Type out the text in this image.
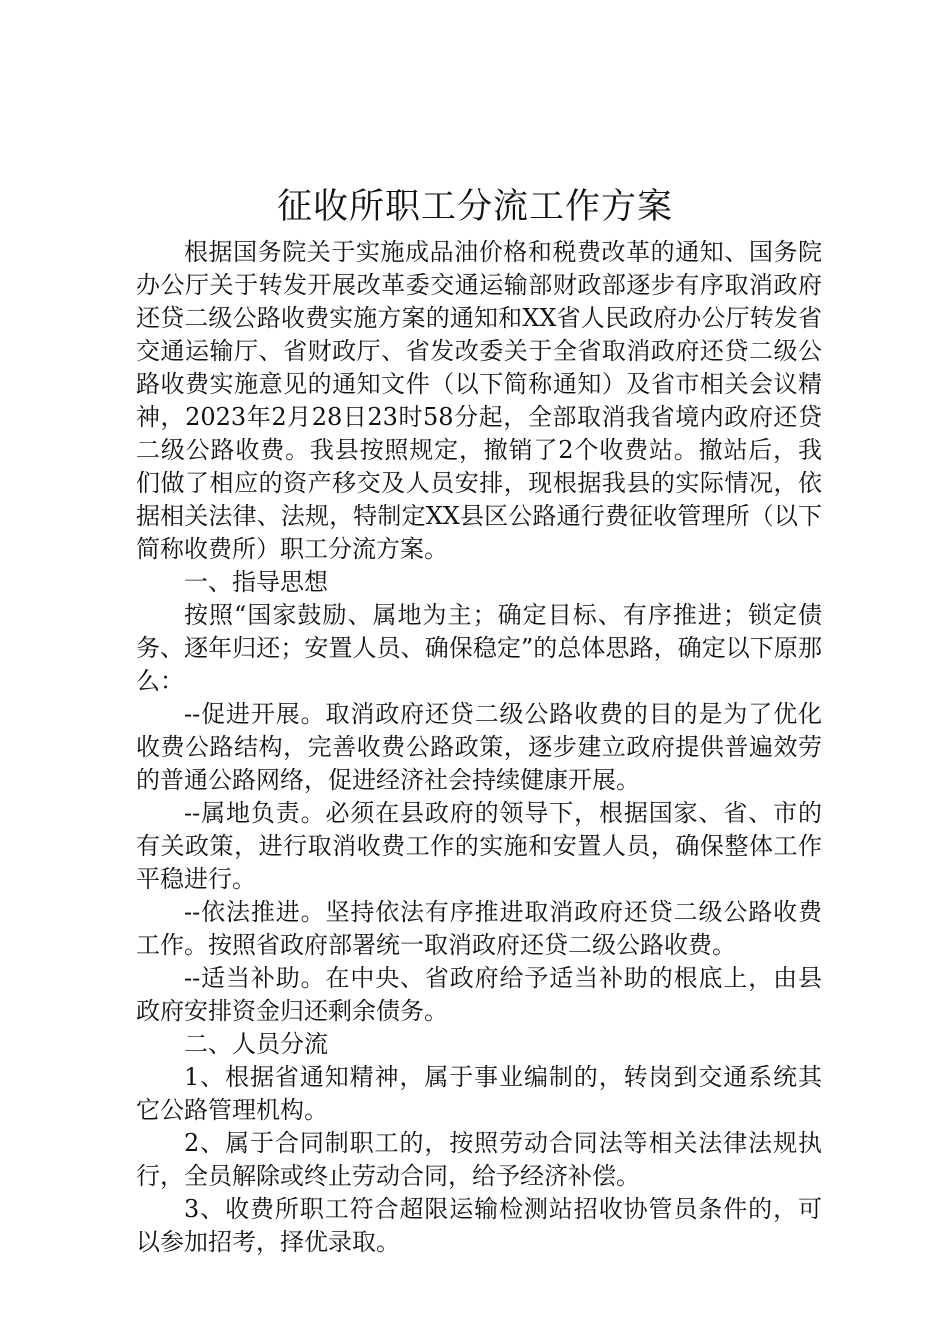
征收所职工分流工作方案

根据国务院关于实施成品油价格和税费改革的通知、国务院办公厅关于转发开展改革委交通运输部财政部逐步有序取消政府还贷二级公路收费实施方案的通知和XX省人民政府办公厅转发省交通运输厅、省财政厅、省发改委关于全省取消政府还贷二级公路收费实施意见的通知文件（以下简称通知）及省市相关会议精神，2023年2月28日23时58分起，全部取消我省境内政府还贷二级公路收费。我县按照规定，撤销了2个收费站。撤站后，我们做了相应的资产移交及人员安排，现根据我县的实际情况，依据相关法律、法规，特制定XX县区公路通行费征收管理所（以下简称收费所）职工分流方案。

一、指导思想

按照“国家鼓励、属地为主；确定目标、有序推进；锁定债务、逐年归还；安置人员、确保稳定”的总体思路，确定以下原那么：

--促进开展。取消政府还贷二级公路收费的目的是为了优化收费公路结构，完善收费公路政策，逐步建立政府提供普遍效劳的普通公路网络，促进经济社会持续健康开展。

--属地负责。必须在县政府的领导下，根据国家、省、市的有关政策，进行取消收费工作的实施和安置人员，确保整体工作平稳进行。

--依法推进。坚持依法有序推进取消政府还贷二级公路收费工作。按照省政府部署统一取消政府还贷二级公路收费。

--适当补助。在中央、省政府给予适当补助的根底上，由县政府安排资金归还剩余债务。

二、人员分流

1、根据省通知精神，属于事业编制的，转岗到交通系统其它公路管理机构。

2、属于合同制职工的，按照劳动合同法等相关法律法规执行，全员解除或终止劳动合同，给予经济补偿。

3、收费所职工符合超限运输检测站招收协管员条件的，可以参加招考，择优录取。
